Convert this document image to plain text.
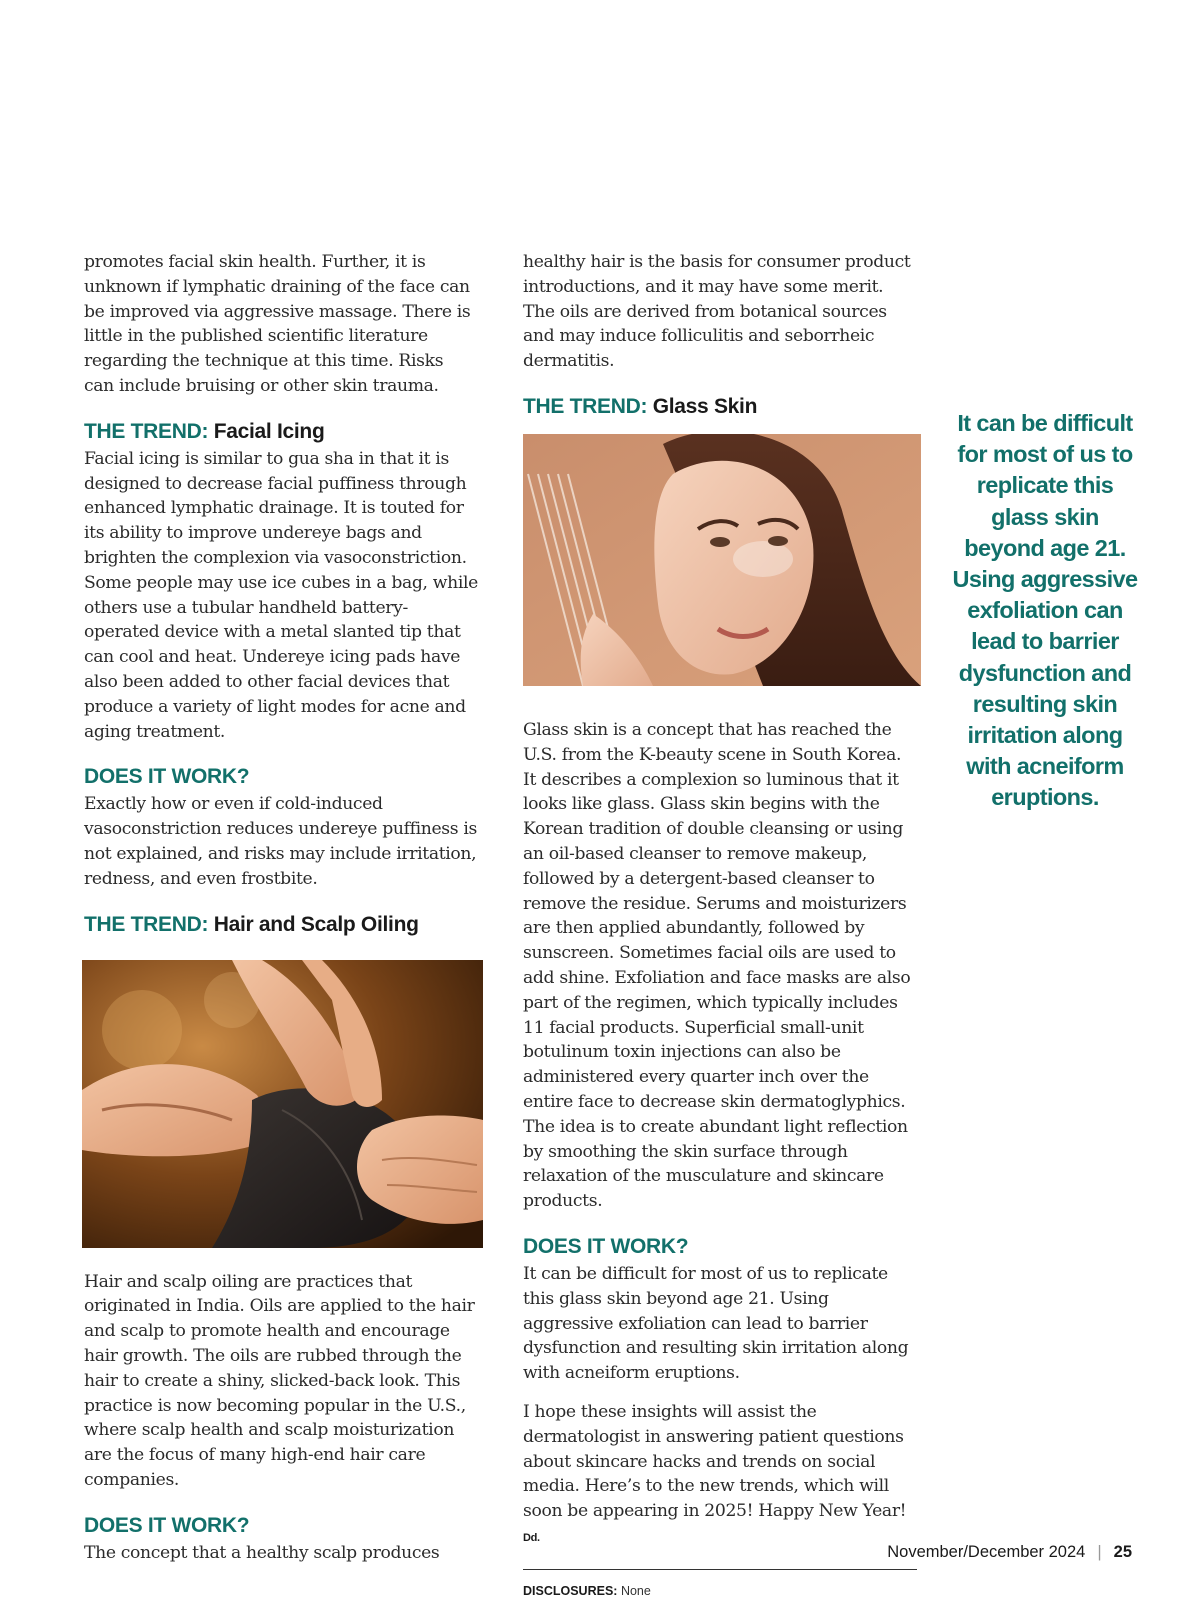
promotes facial skin health. Further, it is unknown if lymphatic draining of the face can be improved via aggressive massage. There is little in the published scientific literature regarding the technique at this time. Risks can include bruising or other skin trauma.

THE TREND: Facial Icing

Facial icing is similar to gua sha in that it is designed to decrease facial puffiness through enhanced lymphatic drainage. It is touted for its ability to improve undereye bags and brighten the complexion via vasoconstriction. Some people may use ice cubes in a bag, while others use a tubular handheld battery-operated device with a metal slanted tip that can cool and heat. Undereye icing pads have also been added to other facial devices that produce a variety of light modes for acne and aging treatment.

DOES IT WORK?

Exactly how or even if cold-induced vasoconstriction reduces undereye puffiness is not explained, and risks may include irritation, redness, and even frostbite.

THE TREND: Hair and Scalp Oiling

Hair and scalp oiling are practices that originated in India. Oils are applied to the hair and scalp to promote health and encourage hair growth. The oils are rubbed through the hair to create a shiny, slicked-back look. This practice is now becoming popular in the U.S., where scalp health and scalp moisturization are the focus of many high-end hair care companies.

DOES IT WORK?

The concept that a healthy scalp produces

healthy hair is the basis for consumer product introductions, and it may have some merit. The oils are derived from botanical sources and may induce folliculitis and seborrheic dermatitis.

THE TREND: Glass Skin

Glass skin is a concept that has reached the U.S. from the K-beauty scene in South Korea. It describes a complexion so luminous that it looks like glass. Glass skin begins with the Korean tradition of double cleansing or using an oil-based cleanser to remove makeup, followed by a detergent-based cleanser to remove the residue. Serums and moisturizers are then applied abundantly, followed by sunscreen. Sometimes facial oils are used to add shine. Exfoliation and face masks are also part of the regimen, which typically includes 11 facial products. Superficial small-unit botulinum toxin injections can also be administered every quarter inch over the entire face to decrease skin dermatoglyphics. The idea is to create abundant light reflection by smoothing the skin surface through relaxation of the musculature and skincare products.

DOES IT WORK?

It can be difficult for most of us to replicate this glass skin beyond age 21. Using aggressive exfoliation can lead to barrier dysfunction and resulting skin irritation along with acneiform eruptions.

I hope these insights will assist the dermatologist in answering patient questions about skincare hacks and trends on social media. Here’s to the new trends, which will soon be appearing in 2025! Happy New Year! Dd.

DISCLOSURES: None
It can be difficult for most of us to replicate this glass skin beyond age 21. Using aggressive exfoliation can lead to barrier dysfunction and resulting skin irritation along with acneiform eruptions.
November/December 2024 | 25
